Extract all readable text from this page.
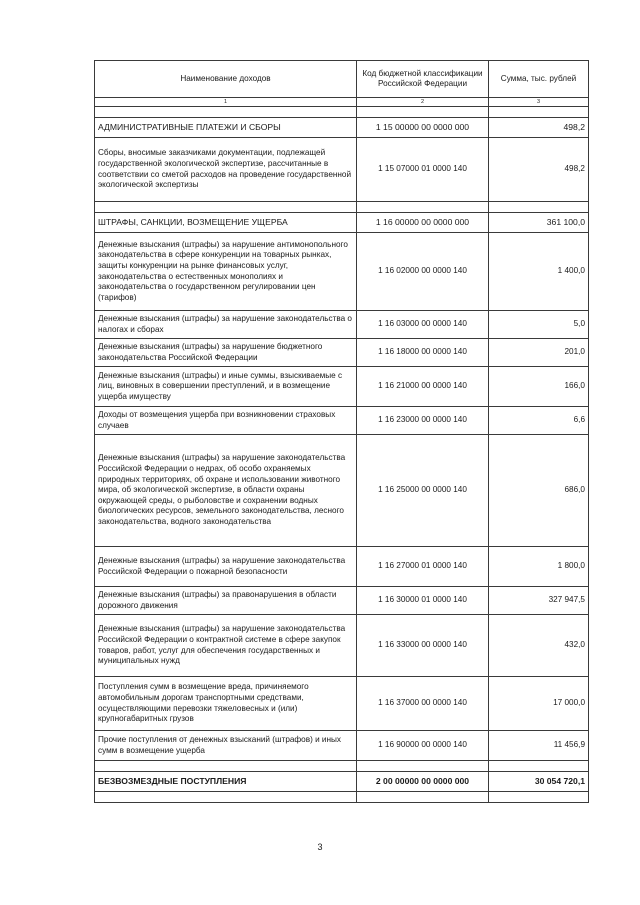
Наименование доходов	Код бюджетной классификации Российской Федерации	Сумма, тыс. рублей
1	2	3

АДМИНИСТРАТИВНЫЕ ПЛАТЕЖИ И СБОРЫ	1 15 00000 00 0000 000	498,2
Сборы, вносимые заказчиками документации, подлежащей государственной экологической экспертизе, рассчитанные в соответствии со сметой расходов на проведение государственной экологической экспертизы	1 15 07000 01 0000 140	498,2

ШТРАФЫ, САНКЦИИ, ВОЗМЕЩЕНИЕ УЩЕРБА	1 16 00000 00 0000 000	361 100,0
Денежные взыскания (штрафы) за нарушение антимонопольного законодательства в сфере конкуренции на товарных рынках, защиты конкуренции на рынке финансовых услуг, законодательства о естественных монополиях и законодательства о государственном регулировании цен (тарифов)	1 16 02000 00 0000 140	1 400,0
Денежные взыскания (штрафы) за нарушение законодательства о налогах и сборах	1 16 03000 00 0000 140	5,0
Денежные взыскания (штрафы) за нарушение бюджетного законодательства Российской Федерации	1 16 18000 00 0000 140	201,0
Денежные взыскания (штрафы) и иные суммы, взыскиваемые с лиц, виновных в совершении преступлений, и в возмещение ущерба имуществу	1 16 21000 00 0000 140	166,0
Доходы от возмещения ущерба при возникновении страховых случаев	1 16 23000 00 0000 140	6,6
Денежные взыскания (штрафы) за нарушение законодательства Российской Федерации о недрах, об особо охраняемых природных территориях, об охране и использовании животного мира, об экологической экспертизе, в области охраны окружающей среды, о рыболовстве и сохранении водных биологических ресурсов, земельного законодательства, лесного законодательства, водного законодательства	1 16 25000 00 0000 140	686,0
Денежные взыскания (штрафы) за нарушение законодательства Российской Федерации о пожарной безопасности	1 16 27000 01 0000 140	1 800,0
Денежные взыскания (штрафы) за правонарушения в области дорожного движения	1 16 30000 01 0000 140	327 947,5
Денежные взыскания (штрафы) за нарушение законодательства Российской Федерации о контрактной системе в сфере закупок товаров, работ, услуг для обеспечения государственных и муниципальных нужд	1 16 33000 00 0000 140	432,0
Поступления сумм в возмещение вреда, причиняемого автомобильным дорогам транспортными средствами, осуществляющими перевозки тяжеловесных и (или) крупногабаритных грузов	1 16 37000 00 0000 140	17 000,0
Прочие поступления от денежных взысканий (штрафов) и иных сумм в возмещение ущерба	1 16 90000 00 0000 140	11 456,9

БЕЗВОЗМЕЗДНЫЕ ПОСТУПЛЕНИЯ	2 00 00000 00 0000 000	30 054 720,1

3
